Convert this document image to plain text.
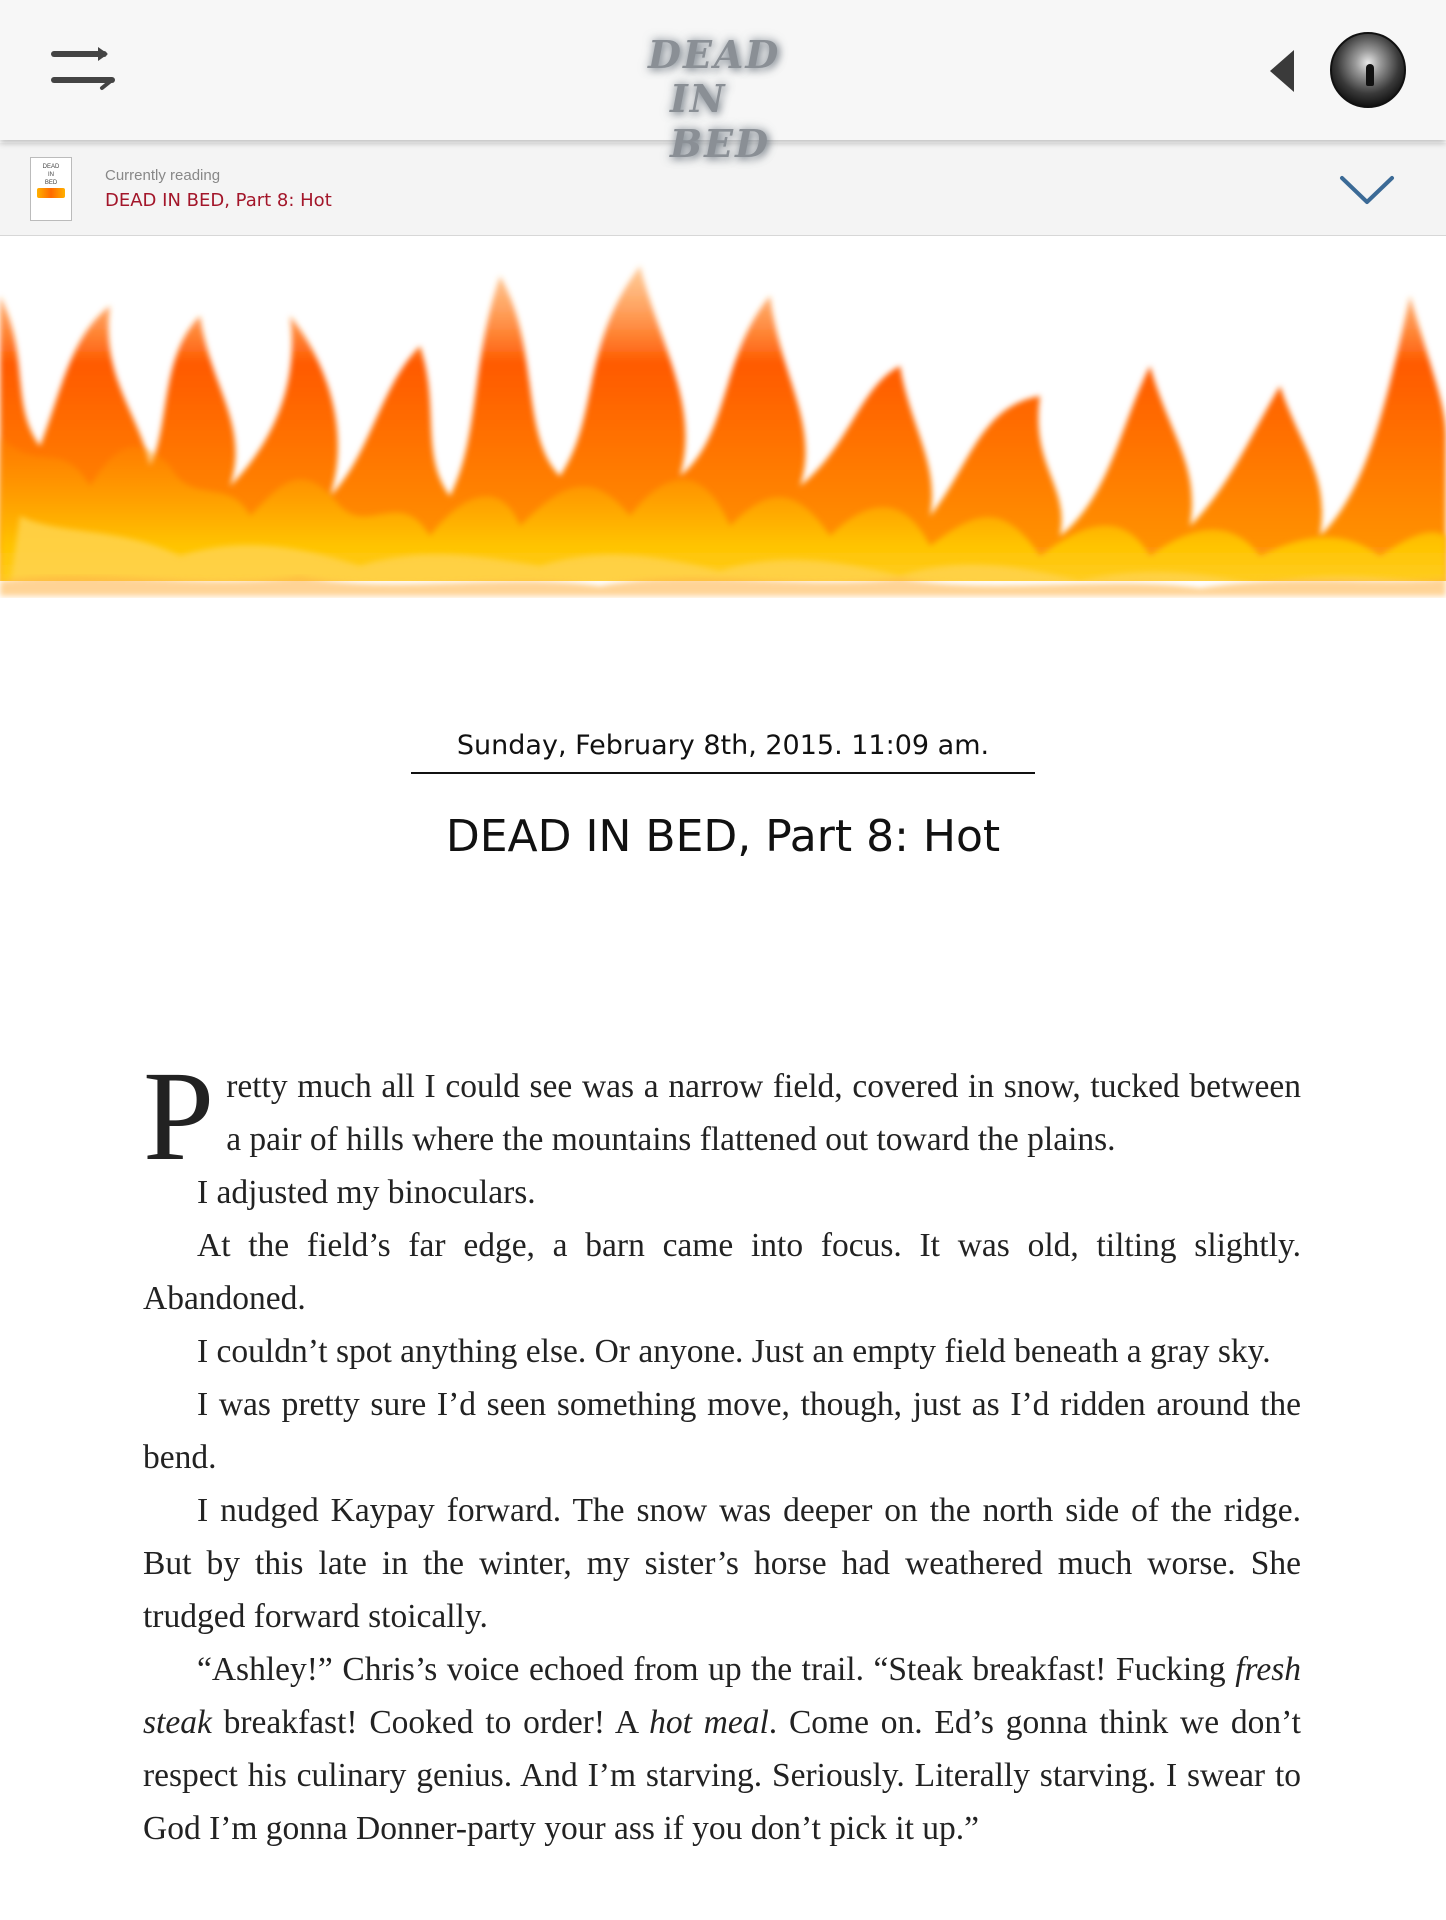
DEAD
IN BED
DEAD
IN
BED	Currently reading
DEAD IN BED, Part 8: Hot
Sunday, February 8th, 2015. 11:09 am.
DEAD IN BED, Part 8: Hot

P retty much all I could see was a narrow field, covered in snow, tucked between a pair of hills where the mountains flattened out toward the plains.

I adjusted my binoculars.

At the field’s far edge, a barn came into focus. It was old, tilting slightly. Abandoned.

I couldn’t spot anything else. Or anyone. Just an empty field beneath a gray sky.

I was pretty sure I’d seen something move, though, just as I’d ridden around the bend.

I nudged Kaypay forward. The snow was deeper on the north side of the ridge. But by this late in the winter, my sister’s horse had weathered much worse. She trudged forward stoically.

“Ashley!” Chris’s voice echoed from up the trail. “Steak breakfast! Fucking fresh steak breakfast! Cooked to order! A hot meal. Come on. Ed’s gonna think we don’t respect his culinary genius. And I’m starving. Seriously. Literally starving. I swear to God I’m gonna Donner-party your ass if you don’t pick it up.”
